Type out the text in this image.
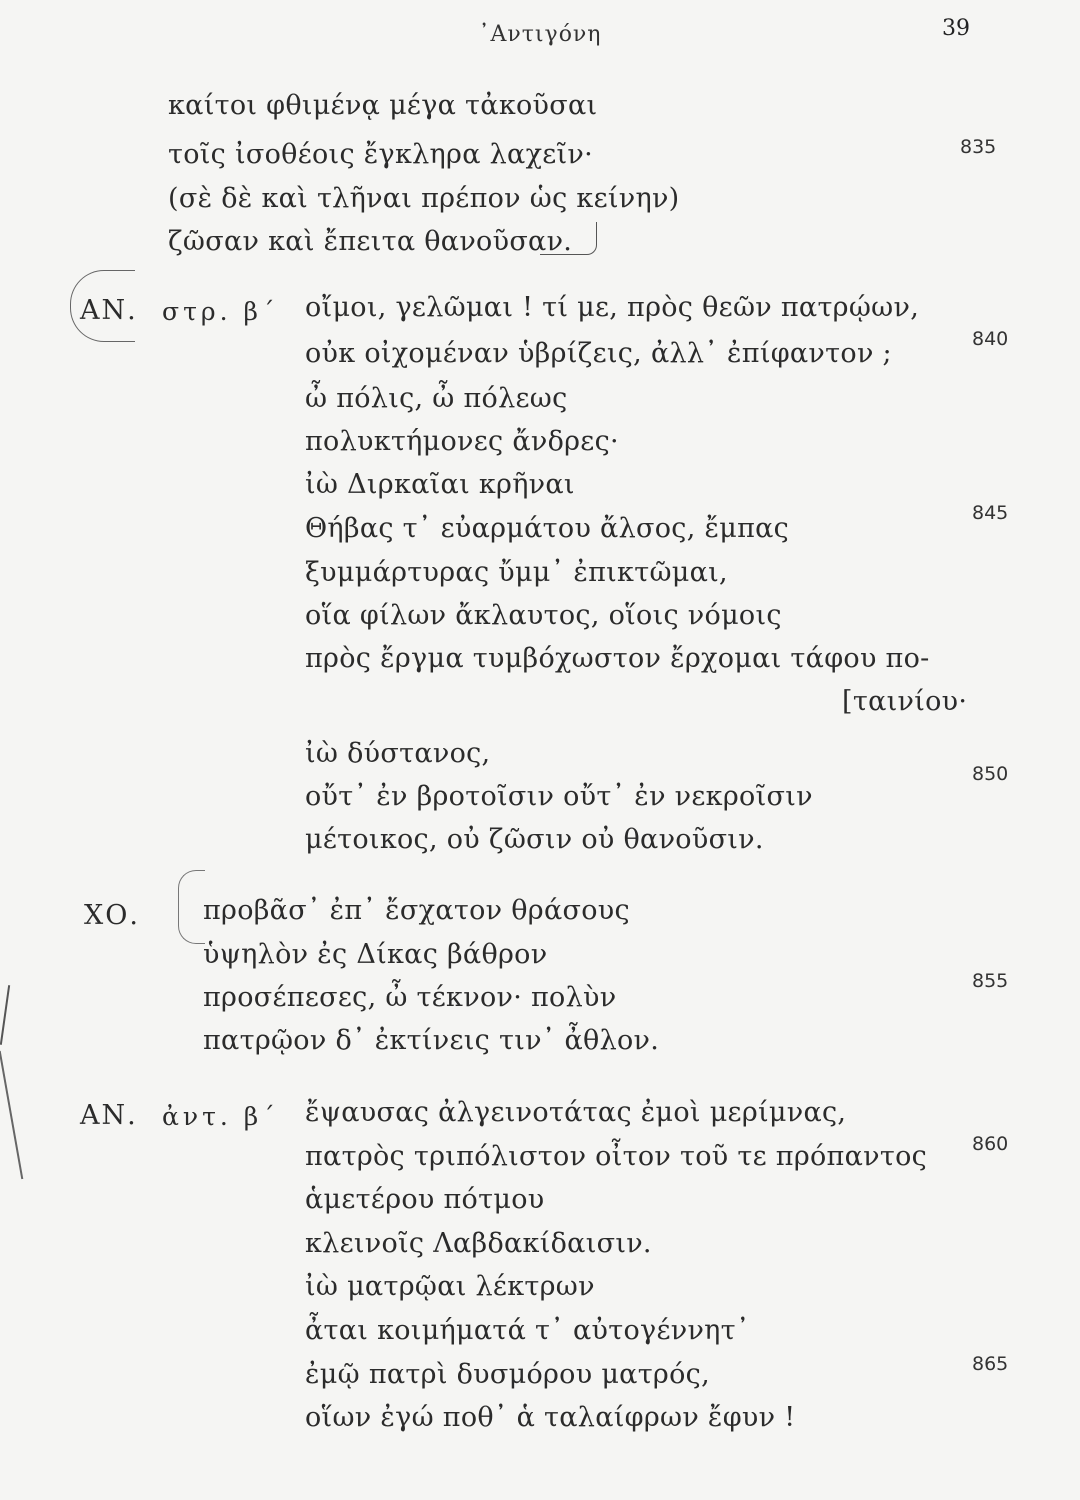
᾿Αντιγόνη	39
καίτοι φθιμένᾳ μέγα τἀκοῦσαι
τοῖς ἰσοθέοις ἔγκληρα λαχεῖν·	835
(σὲ δὲ καὶ τλῆναι πρέπον ὡς κείνην)
ζῶσαν καὶ ἔπειτα θανοῦσαν.
ΑΝ. στρ. β΄ οἴμοι, γελῶμαι ! τί με, πρὸς θεῶν πατρῴων,
οὐκ οἰχομέναν ὑβρίζεις, ἀλλ᾿ ἐπίφαντον ;	840
ὦ πόλις, ὦ πόλεως
πολυκτήμονες ἄνδρες·
ἰὼ Διρκαῖαι κρῆναι
Θήβας τ᾿ εὐαρμάτου ἄλσος, ἔμπας	845
ξυμμάρτυρας ὔμμ᾿ ἐπικτῶμαι,
οἵα φίλων ἄκλαυτος, οἵοις νόμοις
πρὸς ἔργμα τυμβόχωστον ἔρχομαι τάφου πο-
[ταινίου·
ἰὼ δύστανος,
οὔτ᾿ ἐν βροτοῖσιν οὔτ᾿ ἐν νεκροῖσιν
850
μέτοικος, οὐ ζῶσιν οὐ θανοῦσιν.
ΧΟ. προβᾶσ᾿ ἐπ᾿ ἔσχατον θράσους
ὑψηλὸν ἐς Δίκας βάθρον
προσέπεσες, ὦ τέκνον· πολὺν
855
πατρῷον δ᾿ ἐκτίνεις τιν᾿ ἆθλον.
ΑΝ. ἀντ. β΄ ἔψαυσας ἀλγεινοτάτας ἐμοὶ μερίμνας,
πατρὸς τριπόλιστον οἶτον τοῦ τε πρόπαντος 860
ἁμετέρου πότμου
κλεινοῖς Λαβδακίδαισιν.
ἰὼ ματρῷαι λέκτρων
ἆται κοιμήματά τ᾿ αὐτογέννητ᾿
ἐμῷ πατρὶ δυσμόρου ματρός,	865
οἵων ἐγώ ποθ᾿ ἁ ταλαίφρων ἔφυν !
